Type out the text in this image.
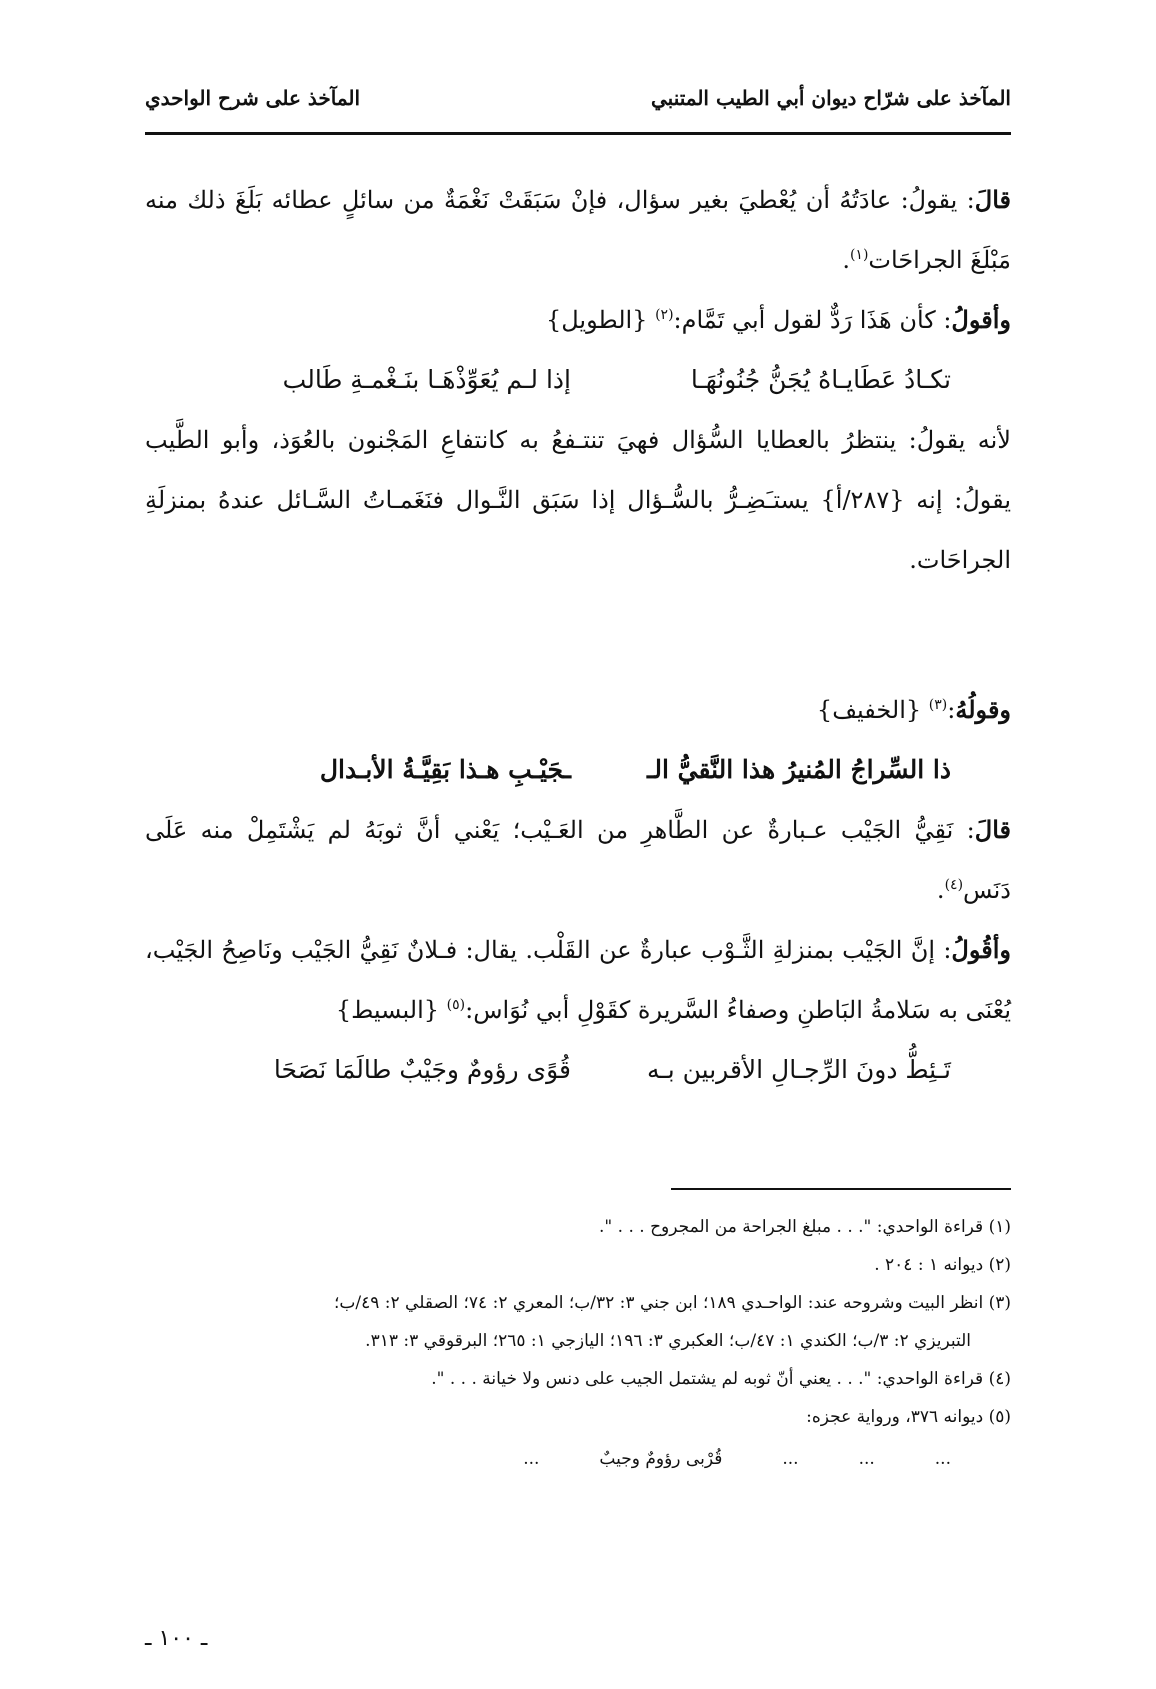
المآخذ على شرّاح ديوان أبي الطيب المتنبي
المآخذ على شرح الواحدي

قالَ: يقولُ: عادَتُهُ أن يُعْطيَ بغير سؤال، فإنْ سَبَقَتْ نَغْمَةٌ من سائلٍ عطائه بَلَغَ ذلك منه مَبْلَغَ الجراحَات$^{(١)}$.

وأقولُ: كأن هَذَا رَدٌّ لقول أبي تَمَّام:$^{(٢)}$ {الطويل}

تكـادُ عَطَايـاهُ يُجَنُّ جُنُونُهَـا
إذا لـم يُعَوِّذْهَـا بنَـغْمـةِ طَالب

لأنه يقولُ: ينتظرُ بالعطايا السُّؤال فهيَ تنتـفعُ به كانتفاعِ المَجْنون بالعُوَذ، وأبو الطَّيب يقولُ: إنه {٢٨٧/أ} يستـَضِـرُّ بالسُّـؤال إذا سَبَق النَّـوال فنَغَمـاتُ السَّـائل عندهُ بمنزلَةِ الجراحَات.

وقولُهُ:$^{(٣)}$ {الخفيف}

ذا السِّراجُ المُنيرُ هذا النَّقيُّ الـ
ـجَيْـبِ هـذا بَقِيَّـةُ الأبـدال

قالَ: نَقِيُّ الجَيْب عـبارةٌ عن الطَّاهرِ من العَـيْب؛ يَعْني أنَّ ثوبَهُ لم يَشْتَمِلْ منه عَلَى دَنَس$^{(٤)}$.

وأقُولُ: إنَّ الجَيْب بمنزلةِ الثَّـوْب عبارةٌ عن القَلْب. يقال: فـلانٌ نَقِيُّ الجَيْب ونَاصِحُ الجَيْب، يُعْنَى به سَلامةُ البَاطنِ وصفاءُ السَّريرة كقَوْلِ أبي نُوَاس:$^{(٥)}$ {البسيط}

تَـئِطُّ دونَ الرِّجـالِ الأقربين بـه
قُوًى رؤومٌ وجَيْبٌ طالَمَا نَصَحَا

(١) قراءة الواحدي: ". . . مبلغ الجراحة من المجروح . . . ".

(٢) ديوانه ١ : ٢٠٤ .

(٣) انظر البيت وشروحه عند: الواحـدي ١٨٩؛ ابن جني ٣: ٣٢/ب؛ المعري ٢: ٧٤؛ الصقلي ٢: ٤٩/ب؛

التبريزي ٢: ٣/ب؛ الكندي ١: ٤٧/ب؛ العكبري ٣: ١٩٦؛ اليازجي ١: ٢٦٥؛ البرقوقي ٣: ٣١٣.

(٤) قراءة الواحدي: ". . . يعني أنّ ثوبه لم يشتمل الجيب على دنس ولا خيانة . . . ".

(٥) ديوانه ٣٧٦، ورواية عجزه:

...
...
...
قُرْبى رؤومٌ وجيبٌ
...
ـ ١٠٠ ـ
